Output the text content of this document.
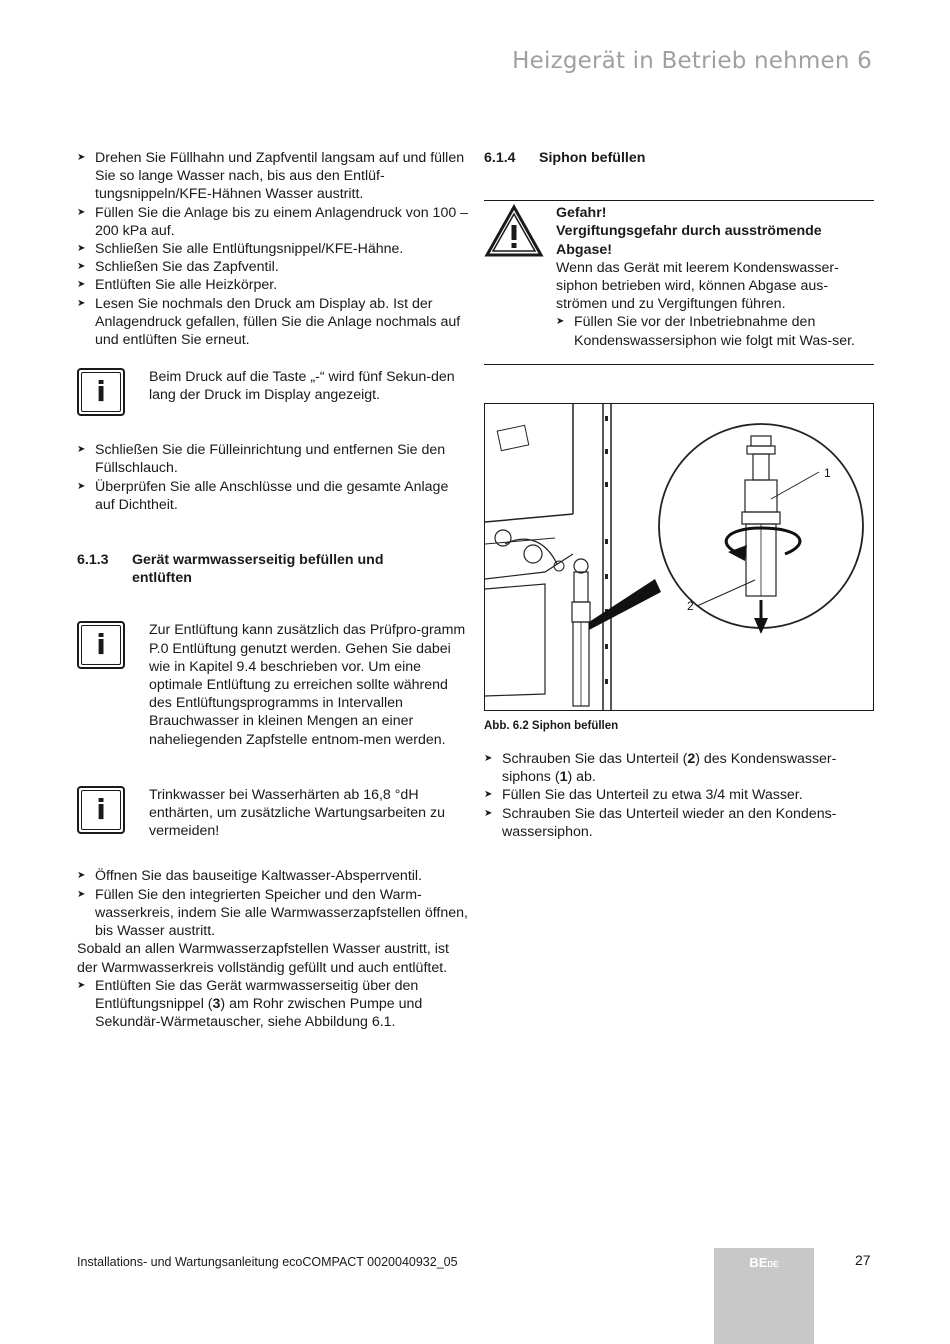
Heizgerät in Betrieb nehmen 6
➤ Drehen Sie Füllhahn und Zapfventil langsam auf und füllen Sie so lange Wasser nach, bis aus den Entlüf-tungsnippeln/KFE-Hähnen Wasser austritt.
➤ Füllen Sie die Anlage bis zu einem Anlagendruck von 100 – 200 kPa auf.
➤ Schließen Sie alle Entlüftungsnippel/KFE-Hähne.
➤ Schließen Sie das Zapfventil.
➤ Entlüften Sie alle Heizkörper.
➤ Lesen Sie nochmals den Druck am Display ab. Ist der Anlagendruck gefallen, füllen Sie die Anlage nochmals auf und entlüften Sie erneut.
i	Beim Druck auf die Taste „-“ wird fünf Sekun-den lang der Druck im Display angezeigt.
➤ Schließen Sie die Fülleinrichtung und entfernen Sie den Füllschlauch.
➤ Überprüfen Sie alle Anschlüsse und die gesamte Anlage auf Dichtheit.
6.1.3	Gerät warmwasserseitig befüllen und entlüften
i	Zur Entlüftung kann zusätzlich das Prüfpro-gramm P.0 Entlüftung genutzt werden. Gehen Sie dabei wie in Kapitel 9.4 beschrieben vor. Um eine optimale Entlüftung zu erreichen sollte während des Entlüftungsprogramms in Intervallen Brauchwasser in kleinen Mengen an einer naheliegenden Zapfstelle entnom-men werden.
i	Trinkwasser bei Wasserhärten ab 16,8 °dH enthärten, um zusätzliche Wartungsarbeiten zu vermeiden!
➤ Öffnen Sie das bauseitige Kaltwasser-Absperrventil.
➤ Füllen Sie den integrierten Speicher und den Warm-wasserkreis, indem Sie alle Warmwasserzapfstellen öffnen, bis Wasser austritt.
Sobald an allen Warmwasserzapfstellen Wasser austritt, ist der Warmwasserkreis vollständig gefüllt und auch entlüftet.
➤ Entlüften Sie das Gerät warmwasserseitig über den Entlüftungsnippel (3) am Rohr zwischen Pumpe und Sekundär-Wärmetauscher, siehe Abbildung 6.1.
6.1.4	Siphon befüllen
Gefahr!
Vergiftungsgefahr durch ausströmende Abgase!
Wenn das Gerät mit leerem Kondenswasser-siphon betrieben wird, können Abgase aus-strömen und zu Vergiftungen führen.
➤ Füllen Sie vor der Inbetriebnahme den Kondenswassersiphon wie folgt mit Was-ser.
1
2
Abb. 6.2 Siphon befüllen
➤ Schrauben Sie das Unterteil (2) des Kondenswasser-siphons (1) ab.
➤ Füllen Sie das Unterteil zu etwa 3/4 mit Wasser.
➤ Schrauben Sie das Unterteil wieder an den Kondens-wassersiphon.
Installations- und Wartungsanleitung ecoCOMPACT 0020040932_05	BEDE	27
